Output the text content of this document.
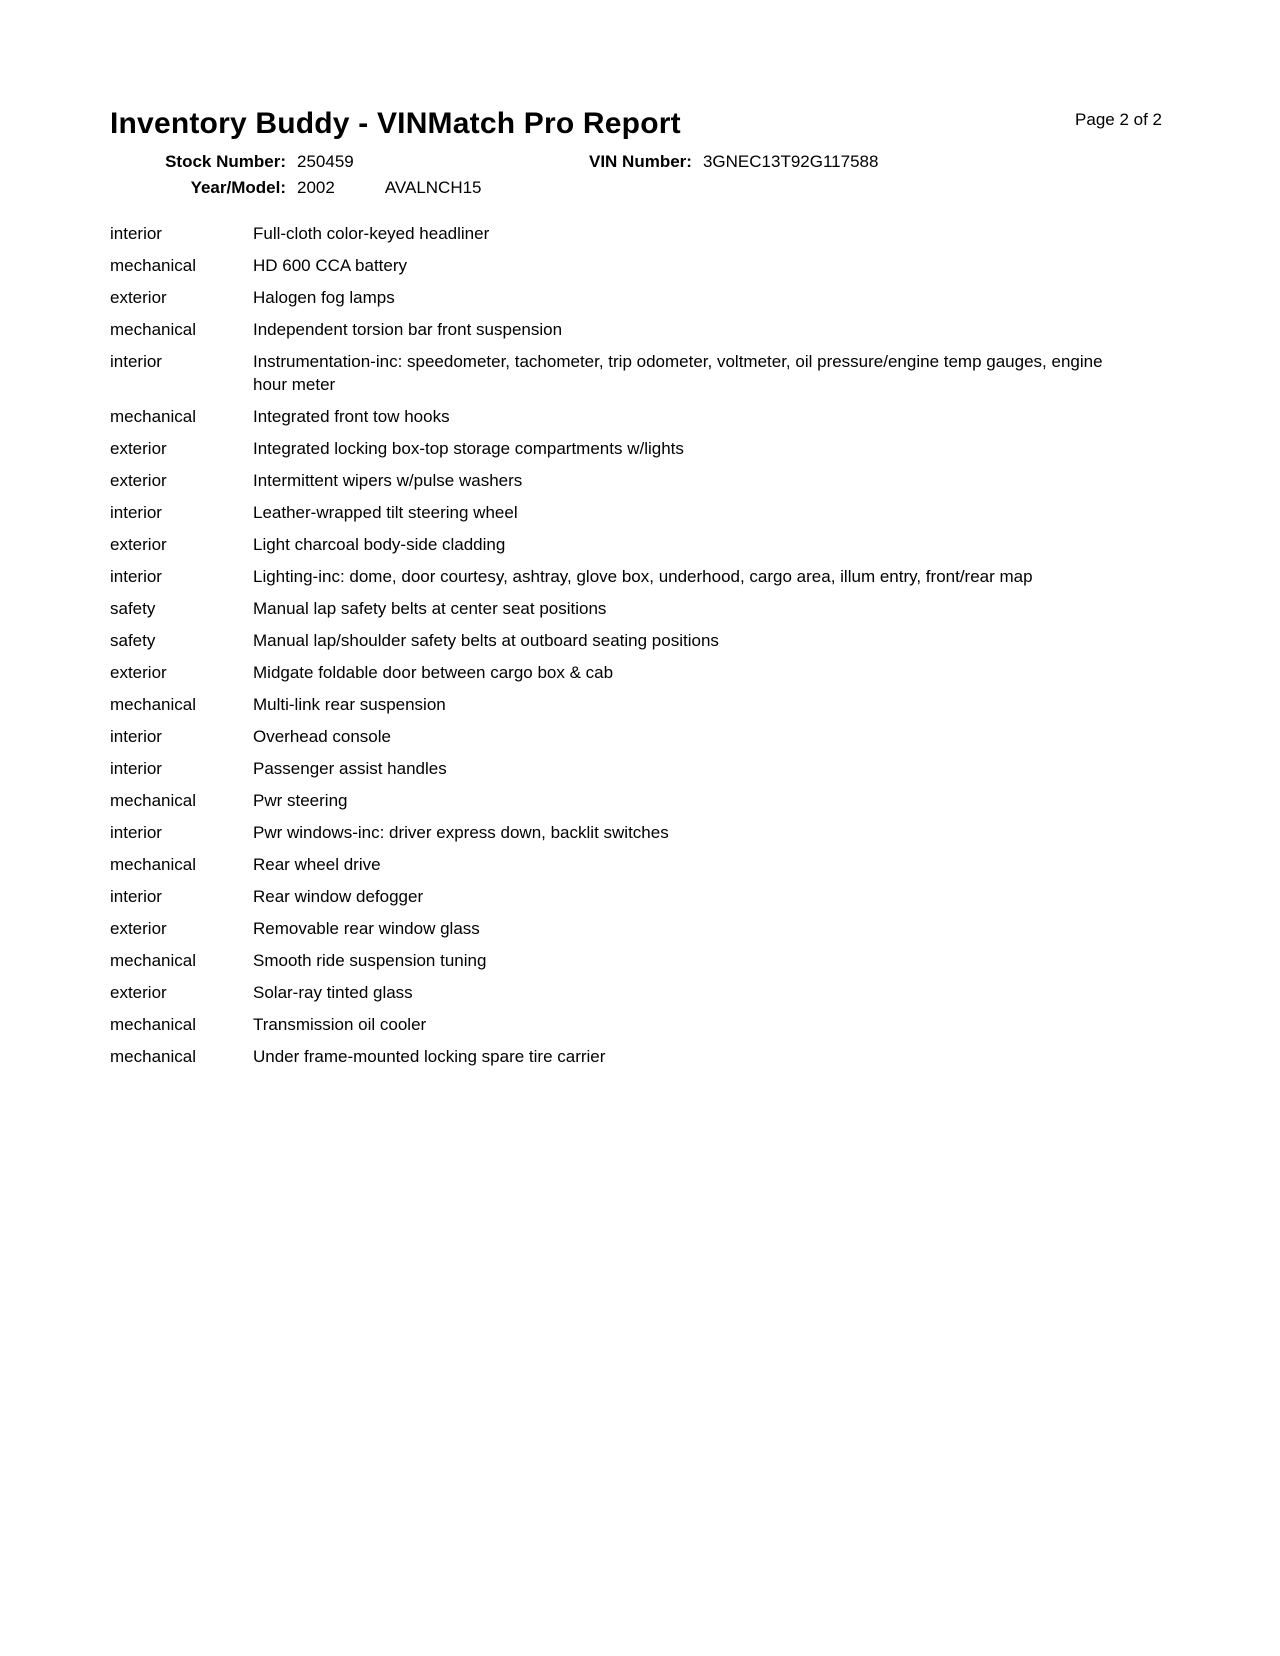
Inventory Buddy - VINMatch Pro Report	Page 2 of 2
Stock Number: 250459	VIN Number: 3GNEC13T92G117588
Year/Model: 2002	AVALNCH15
interior	Full-cloth color-keyed headliner
mechanical	HD 600 CCA battery
exterior	Halogen fog lamps
mechanical	Independent torsion bar front suspension
interior	Instrumentation-inc: speedometer, tachometer, trip odometer, voltmeter, oil pressure/engine temp gauges, engine hour meter
mechanical	Integrated front tow hooks
exterior	Integrated locking box-top storage compartments w/lights
exterior	Intermittent wipers w/pulse washers
interior	Leather-wrapped tilt steering wheel
exterior	Light charcoal body-side cladding
interior	Lighting-inc: dome, door courtesy, ashtray, glove box, underhood, cargo area, illum entry, front/rear map
safety	Manual lap safety belts at center seat positions
safety	Manual lap/shoulder safety belts at outboard seating positions
exterior	Midgate foldable door between cargo box & cab
mechanical	Multi-link rear suspension
interior	Overhead console
interior	Passenger assist handles
mechanical	Pwr steering
interior	Pwr windows-inc: driver express down, backlit switches
mechanical	Rear wheel drive
interior	Rear window defogger
exterior	Removable rear window glass
mechanical	Smooth ride suspension tuning
exterior	Solar-ray tinted glass
mechanical	Transmission oil cooler
mechanical	Under frame-mounted locking spare tire carrier
